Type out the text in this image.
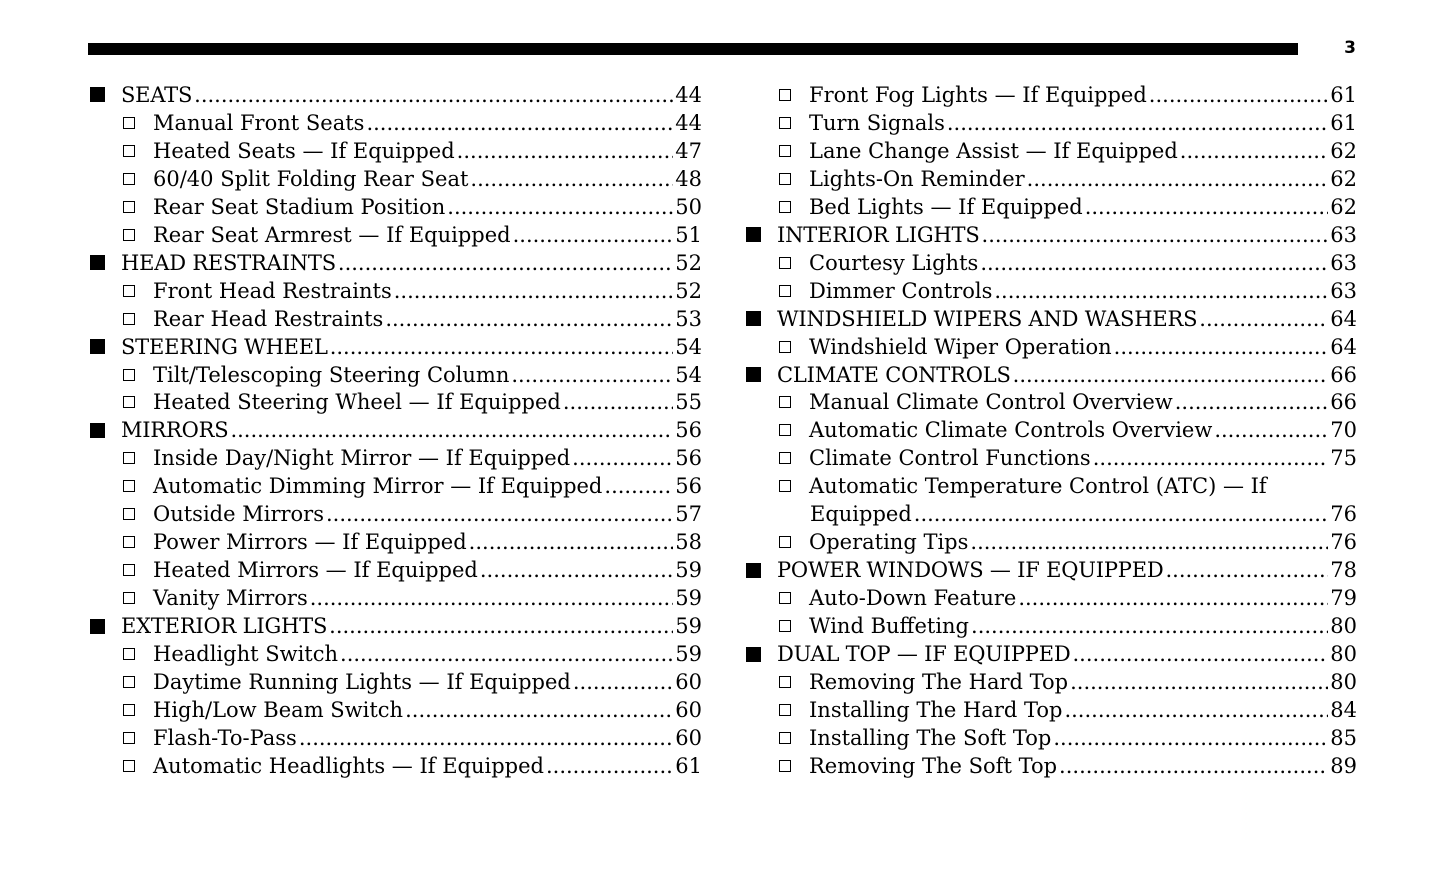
3
SEATS .....	44
Manual Front Seats .....	44
Heated Seats — If Equipped .....	47
60/40 Split Folding Rear Seat .....	48
Rear Seat Stadium Position .....	50
Rear Seat Armrest — If Equipped .....	51
HEAD RESTRAINTS .....	52
Front Head Restraints .....	52
Rear Head Restraints .....	53
STEERING WHEEL .....	54
Tilt/Telescoping Steering Column .....	54
Heated Steering Wheel — If Equipped .....	55
MIRRORS .....	56
Inside Day/Night Mirror — If Equipped .....	56
Automatic Dimming Mirror — If Equipped .....	56
Outside Mirrors .....	57
Power Mirrors — If Equipped .....	58
Heated Mirrors — If Equipped .....	59
Vanity Mirrors .....	59
EXTERIOR LIGHTS .....	59
Headlight Switch .....	59
Daytime Running Lights — If Equipped .....	60
High/Low Beam Switch .....	60
Flash-To-Pass .....	60
Automatic Headlights — If Equipped .....	61
Front Fog Lights — If Equipped .....	61
Turn Signals .....	61
Lane Change Assist — If Equipped .....	62
Lights-On Reminder .....	62
Bed Lights — If Equipped .....	62
INTERIOR LIGHTS .....	63
Courtesy Lights .....	63
Dimmer Controls .....	63
WINDSHIELD WIPERS AND WASHERS .....	64
Windshield Wiper Operation .....	64
CLIMATE CONTROLS .....	66
Manual Climate Control Overview .....	66
Automatic Climate Controls Overview .....	70
Climate Control Functions .....	75
Automatic Temperature Control (ATC) — If
Equipped .....	76
Operating Tips .....	76
POWER WINDOWS — IF EQUIPPED .....	78
Auto-Down Feature .....	79
Wind Buffeting .....	80
DUAL TOP — IF EQUIPPED .....	80
Removing The Hard Top .....	80
Installing The Hard Top .....	84
Installing The Soft Top .....	85
Removing The Soft Top .....	89
